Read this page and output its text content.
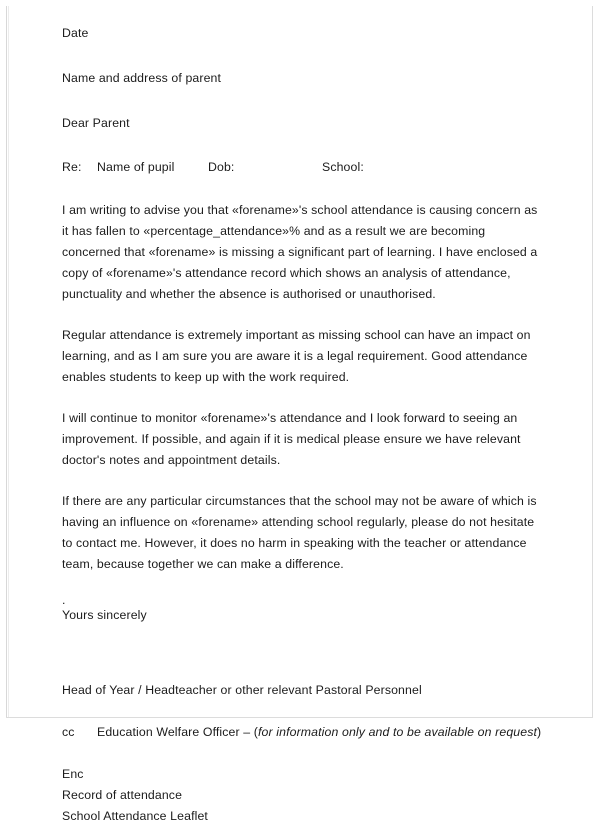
Date
Name and address of parent
Dear Parent
Re: Name of pupil	Dob:	School:
I am writing to advise you that «forename»'s school attendance is causing concern as it has fallen to «percentage_attendance»% and as a result we are becoming concerned that «forename» is missing a significant part of learning. I have enclosed a copy of «forename»'s attendance record which shows an analysis of attendance, punctuality and whether the absence is authorised or unauthorised.
Regular attendance is extremely important as missing school can have an impact on learning, and as I am sure you are aware it is a legal requirement. Good attendance enables students to keep up with the work required.
I will continue to monitor «forename»'s attendance and I look forward to seeing an improvement. If possible, and again if it is medical please ensure we have relevant doctor's notes and appointment details.
If there are any particular circumstances that the school may not be aware of which is having an influence on «forename» attending school regularly, please do not hesitate to contact me. However, it does no harm in speaking with the teacher or attendance team, because together we can make a difference.
.
Yours sincerely
Head of Year / Headteacher or other relevant Pastoral Personnel
cc Education Welfare Officer – (for information only and to be available on request)
Enc
Record of attendance
School Attendance Leaflet
